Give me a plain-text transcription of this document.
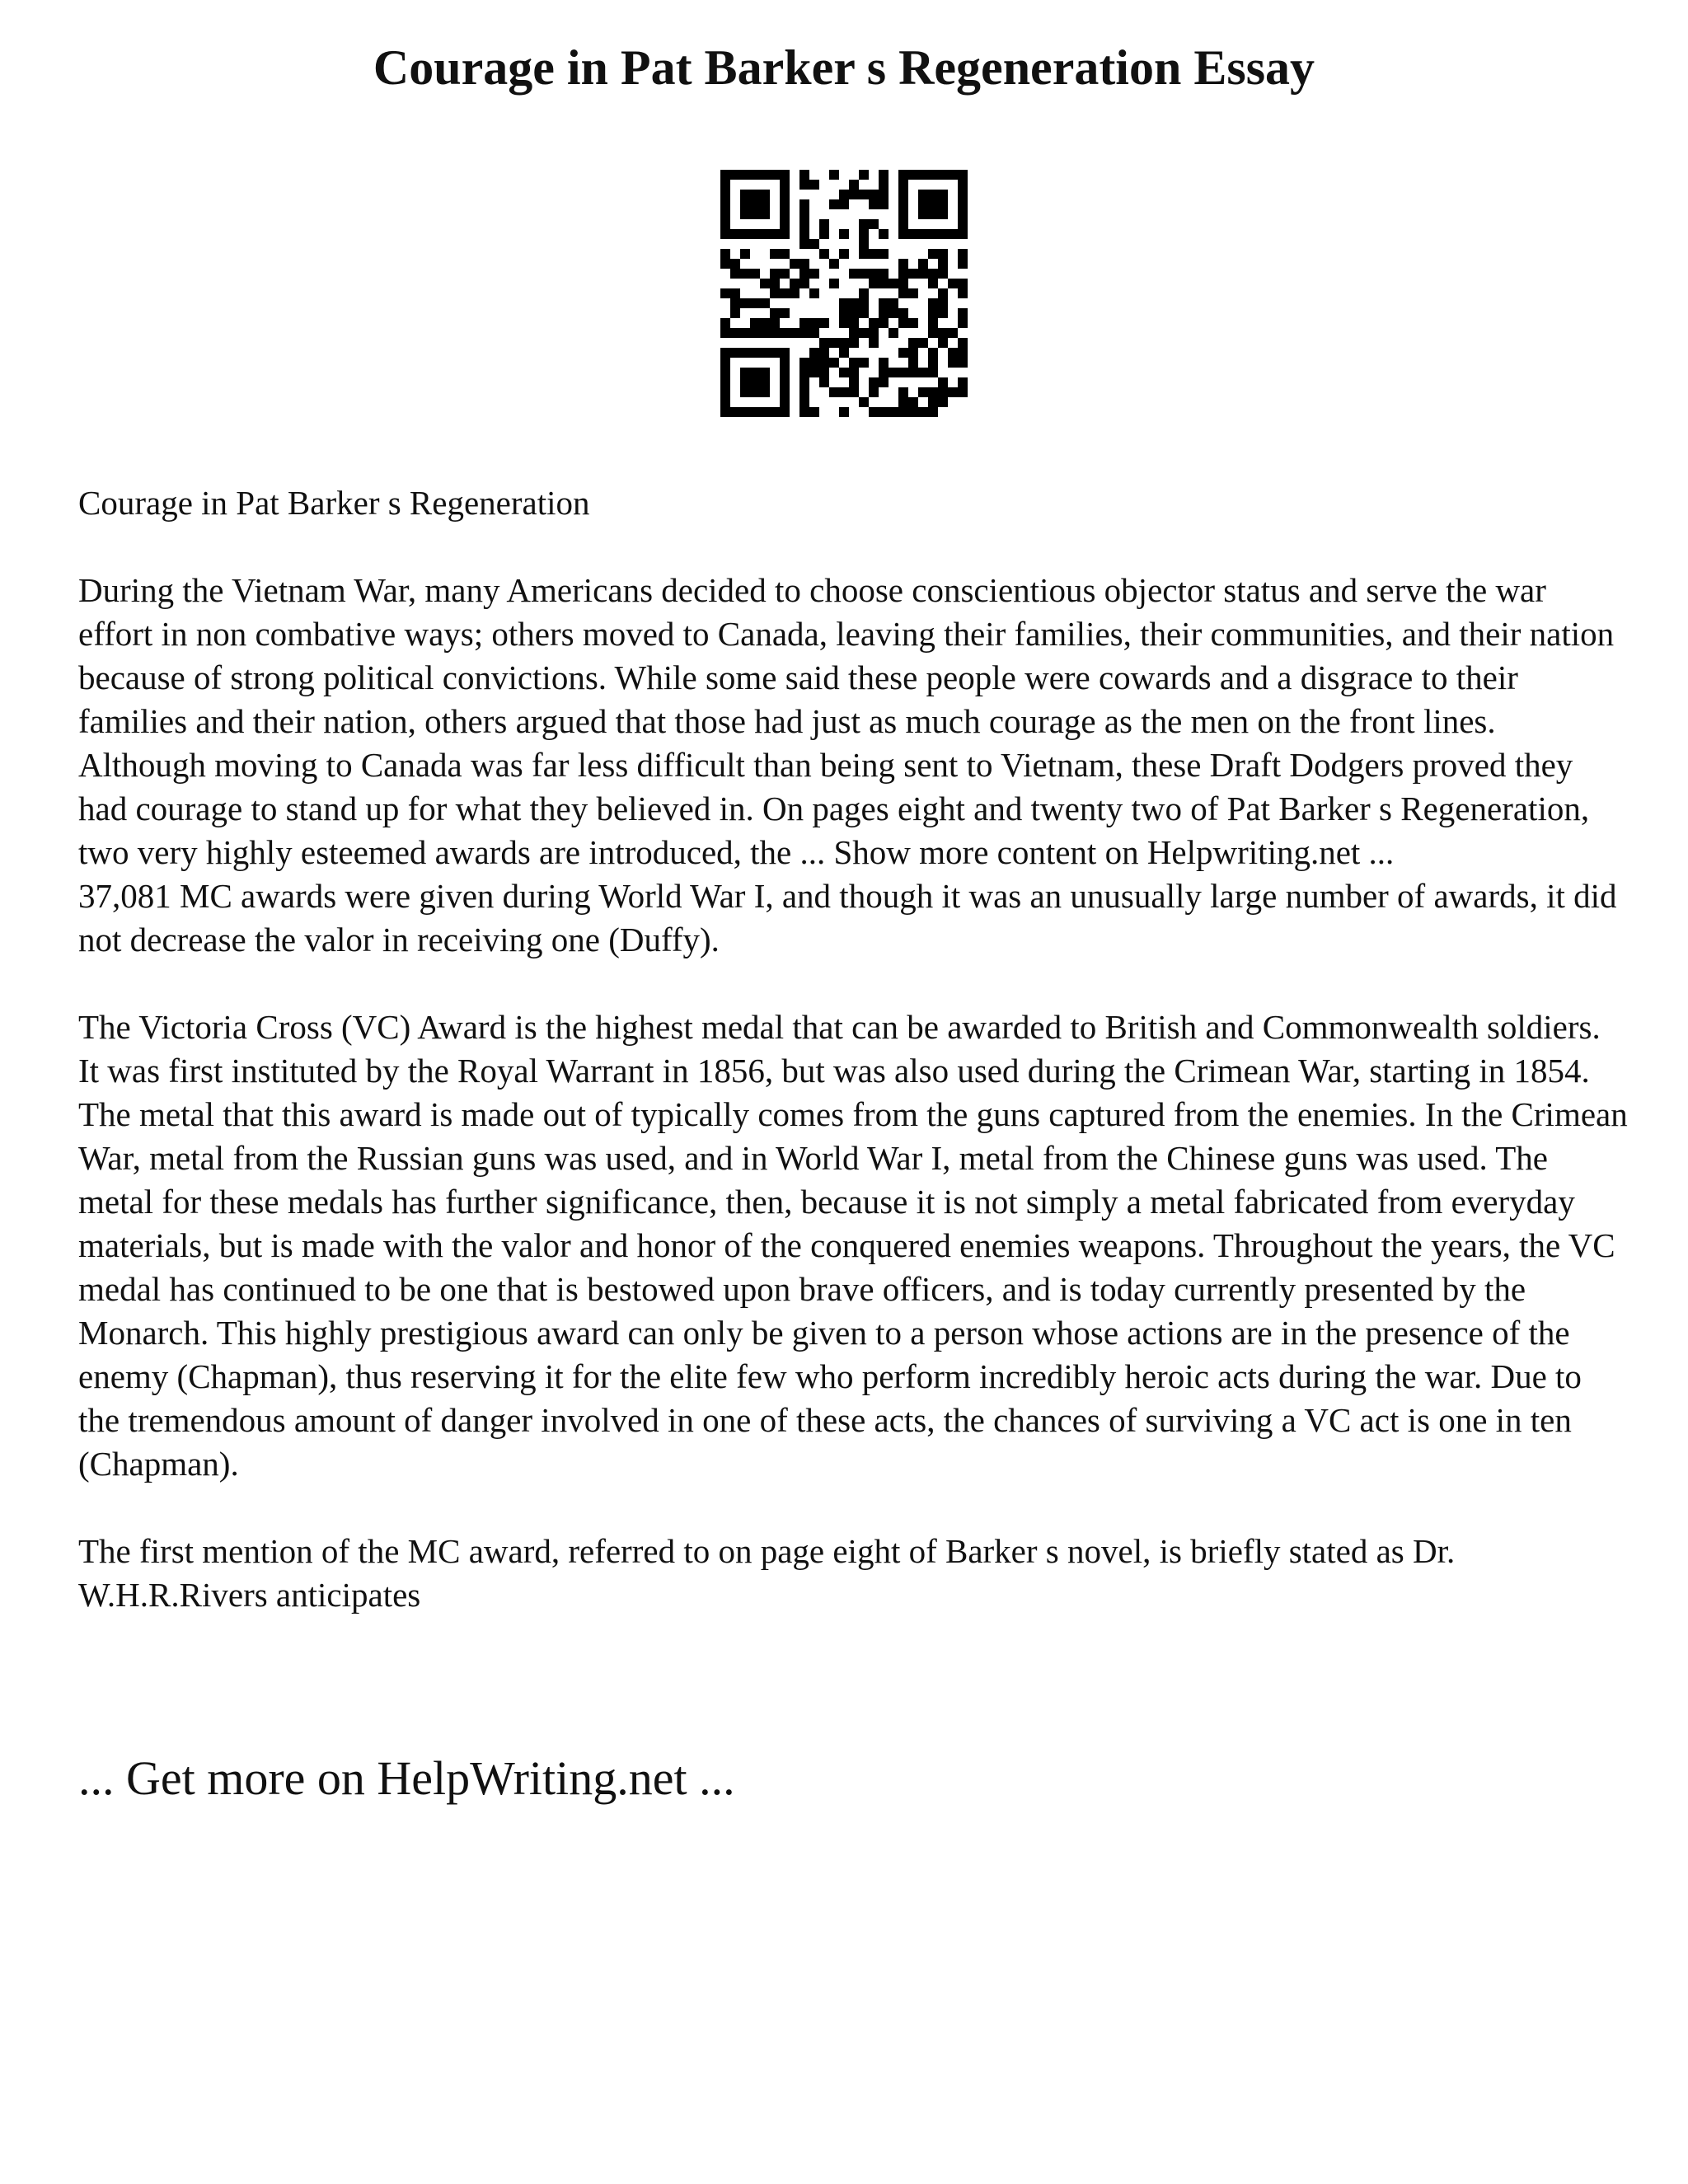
Courage in Pat Barker s Regeneration Essay

Courage in Pat Barker s Regeneration

During the Vietnam War, many Americans decided to choose conscientious objector status and serve the war effort in non combative ways; others moved to Canada, leaving their families, their communities, and their nation because of strong political convictions. While some said these people were cowards and a disgrace to their families and their nation, others argued that those had just as much courage as the men on the front lines. Although moving to Canada was far less difficult than being sent to Vietnam, these Draft Dodgers proved they had courage to stand up for what they believed in. On pages eight and twenty two of Pat Barker s Regeneration, two very highly esteemed awards are introduced, the ... Show more content on Helpwriting.net ...

37,081 MC awards were given during World War I, and though it was an unusually large number of awards, it did not decrease the valor in receiving one (Duffy).

The Victoria Cross (VC) Award is the highest medal that can be awarded to British and Commonwealth soldiers. It was first instituted by the Royal Warrant in 1856, but was also used during the Crimean War, starting in 1854. The metal that this award is made out of typically comes from the guns captured from the enemies. In the Crimean War, metal from the Russian guns was used, and in World War I, metal from the Chinese guns was used. The metal for these medals has further significance, then, because it is not simply a metal fabricated from everyday materials, but is made with the valor and honor of the conquered enemies weapons. Throughout the years, the VC medal has continued to be one that is bestowed upon brave officers, and is today currently presented by the Monarch. This highly prestigious award can only be given to a person whose actions are in the presence of the enemy (Chapman), thus reserving it for the elite few who perform incredibly heroic acts during the war. Due to the tremendous amount of danger involved in one of these acts, the chances of surviving a VC act is one in ten (Chapman).

The first mention of the MC award, referred to on page eight of Barker s novel, is briefly stated as Dr. W.H.R.Rivers anticipates

... Get more on HelpWriting.net ...
